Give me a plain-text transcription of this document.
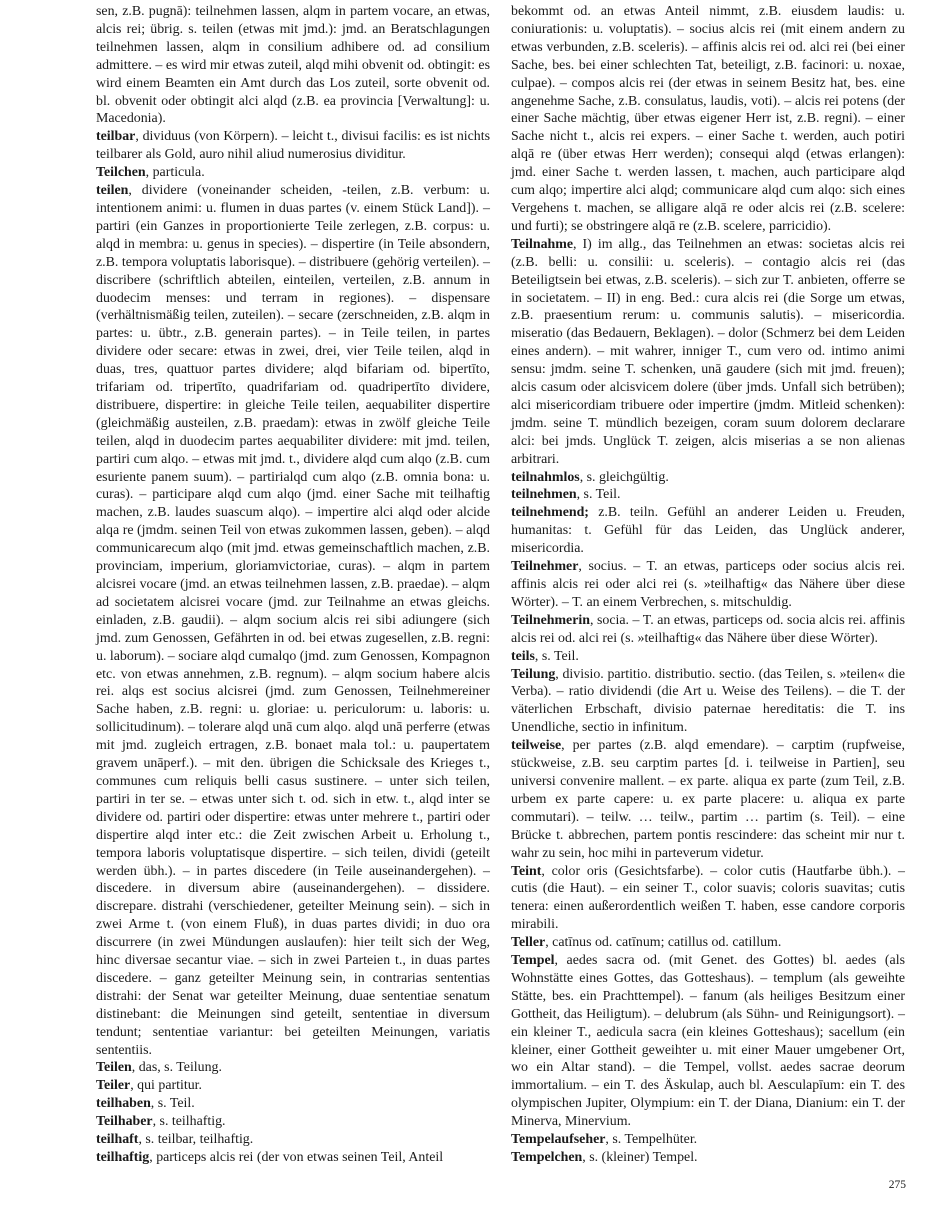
sen, z.B. pugnā): teilnehmen lassen, alqm in partem vocare, an etwas, alcis rei; übrig. s. teilen (etwas mit jmd.): jmd. an Beratschlagungen teilnehmen lassen, alqm in consilium adhibere od. ad consilium admittere. – es wird mir etwas zuteil, alqd mihi obvenit od. obtingit: es wird einem Beamten ein Amt durch das Los zuteil, sorte obvenit od. bl. obvenit oder obtingit alci alqd (z.B. ea provincia [Verwaltung]: u. Macedonia).

teilbar, dividuus (von Körpern). – leicht t., divisui facilis: es ist nichts teilbarer als Gold, auro nihil aliud numerosius dividitur.

Teilchen, particula.

teilen, dividere (voneinander scheiden, -teilen, z.B. verbum: u. intentionem animi: u. flumen in duas partes (v. einem Stück Land]). – partiri (ein Ganzes in proportionierte Teile zerlegen, z.B. corpus: u. alqd in membra: u. genus in species). – dispertire (in Teile absondern, z.B. tempora voluptatis laborisque). – distribuere (gehörig verteilen). – discribere (schriftlich abteilen, einteilen, verteilen, z.B. annum in duodecim menses: und terram in regiones). – dispensare (verhältnismäßig teilen, zuteilen). – secare (zerschneiden, z.B. alqm in partes: u. übtr., z.B. generain partes). – in Teile teilen, in partes dividere oder secare: etwas in zwei, drei, vier Teile teilen, alqd in duas, tres, quattuor partes dividere; alqd bifariam od. bipertīto, trifariam od. tripertīto, quadrifariam od. quadripertīto dividere, distribuere, dispertire: in gleiche Teile teilen, aequabiliter dispertire (gleichmäßig austeilen, z.B. praedam): etwas in zwölf gleiche Teile teilen, alqd in duodecim partes aequabiliter dividere: mit jmd. teilen, partiri cum alqo. – etwas mit jmd. t., dividere alqd cum alqo (z.B. cum esuriente panem suum). – partirialqd cum alqo (z.B. omnia bona: u. curas). – participare alqd cum alqo (jmd. einer Sache mit teilhaftig machen, z.B. laudes suascum alqo). – impertire alci alqd oder alcide alqa re (jmdm. seinen Teil von etwas zukommen lassen, geben). – alqd communicarecum alqo (mit jmd. etwas gemeinschaftlich machen, z.B. provinciam, imperium, gloriamvictoriae, curas). – alqm in partem alcisrei vocare (jmd. an etwas teilnehmen lassen, z.B. praedae). – alqm ad societatem alcisrei vocare (jmd. zur Teilnahme an etwas gleichs. einladen, z.B. gaudii). – alqm socium alcis rei sibi adiungere (sich jmd. zum Genossen, Gefährten in od. bei etwas zugesellen, z.B. regni: u. laborum). – sociare alqd cumalqo (jmd. zum Genossen, Kompagnon etc. von etwas annehmen, z.B. regnum). – alqm socium habere alcis rei. alqs est socius alcisrei (jmd. zum Genossen, Teilnehmereiner Sache haben, z.B. regni: u. gloriae: u. periculorum: u. laboris: u. sollicitudinum). – tolerare alqd unā cum alqo. alqd unā perferre (etwas mit jmd. zugleich ertragen, z.B. bonaet mala tol.: u. paupertatem gravem unāperf.). – mit den. übrigen die Schicksale des Krieges t., communes cum reliquis belli casus sustinere. – unter sich teilen, partiri in ter se. – etwas unter sich t. od. sich in etw. t., alqd inter se dividere od. partiri oder dispertire: etwas unter mehrere t., partiri oder dispertire alqd inter etc.: die Zeit zwischen Arbeit u. Erholung t., tempora laboris voluptatisque dispertire. – sich teilen, dividi (geteilt werden übh.). – in partes discedere (in Teile auseinandergehen). – discedere. in diversum abire (auseinandergehen). – dissidere. discrepare. distrahi (verschiedener, geteilter Meinung sein). – sich in zwei Arme t. (von einem Fluß), in duas partes dividi; in duo ora discurrere (in zwei Mündungen auslaufen): hier teilt sich der Weg, hinc diversae secantur viae. – sich in zwei Parteien t., in duas partes discedere. – ganz geteilter Meinung sein, in contrarias sententias distrahi: der Senat war geteilter Meinung, duae sententiae senatum distinebant: die Meinungen sind geteilt, sententiae in diversum tendunt; sententiae variantur: bei geteilten Meinungen, variatis sententiis.

Teilen, das, s. Teilung.

Teiler, qui partitur.

teilhaben, s. Teil.

Teilhaber, s. teilhaftig.

teilhaft, s. teilbar, teilhaftig.

teilhaftig, particeps alcis rei (der von etwas seinen Teil, Anteil

bekommt od. an etwas Anteil nimmt, z.B. eiusdem laudis: u. coniurationis: u. voluptatis). – socius alcis rei (mit einem andern zu etwas verbunden, z.B. sceleris). – affinis alcis rei od. alci rei (bei einer Sache, bes. bei einer schlechten Tat, beteiligt, z.B. facinori: u. noxae, culpae). – compos alcis rei (der etwas in seinem Besitz hat, bes. eine angenehme Sache, z.B. consulatus, laudis, voti). – alcis rei potens (der einer Sache mächtig, über etwas eigener Herr ist, z.B. regni). – einer Sache nicht t., alcis rei expers. – einer Sache t. werden, auch potiri alqā re (über etwas Herr werden); consequi alqd (etwas erlangen): jmd. einer Sache t. werden lassen, t. machen, auch participare alqd cum alqo; impertire alci alqd; communicare alqd cum alqo: sich eines Vergehens t. machen, se alligare alqā re oder alcis rei (z.B. scelere: und furti); se obstringere alqā re (z.B. scelere, parricidio).

Teilnahme, I) im allg., das Teilnehmen an etwas: societas alcis rei (z.B. belli: u. consilii: u. sceleris). – contagio alcis rei (das Beteiligtsein bei etwas, z.B. sceleris). – sich zur T. anbieten, offerre se in societatem. – II) in eng. Bed.: cura alcis rei (die Sorge um etwas, z.B. praesentium rerum: u. communis salutis). – misericordia. miseratio (das Bedauern, Beklagen). – dolor (Schmerz bei dem Leiden eines andern). – mit wahrer, inniger T., cum vero od. intimo animi sensu: jmdm. seine T. schenken, unā gaudere (sich mit jmd. freuen); alcis casum oder alcisvicem dolere (über jmds. Unfall sich betrüben); alci misericordiam tribuere oder impertire (jmdm. Mitleid schenken): jmdm. seine T. mündlich bezeigen, coram suum dolorem declarare alci: bei jmds. Unglück T. zeigen, alcis miserias a se non alienas arbitrari.

teilnahmlos, s. gleichgültig.

teilnehmen, s. Teil.

teilnehmend; z.B. teiln. Gefühl an anderer Leiden u. Freuden, humanitas: t. Gefühl für das Leiden, das Unglück anderer, misericordia.

Teilnehmer, socius. – T. an etwas, particeps oder socius alcis rei. affinis alcis rei oder alci rei (s. »teilhaftig« das Nähere über diese Wörter). – T. an einem Verbrechen, s. mitschuldig.

Teilnehmerin, socia. – T. an etwas, particeps od. socia alcis rei. affinis alcis rei od. alci rei (s. »teilhaftig« das Nähere über diese Wörter).

teils, s. Teil.

Teilung, divisio. partitio. distributio. sectio. (das Teilen, s. »teilen« die Verba). – ratio dividendi (die Art u. Weise des Teilens). – die T. der väterlichen Erbschaft, divisio paternae hereditatis: die T. ins Unendliche, sectio in infinitum.

teilweise, per partes (z.B. alqd emendare). – carptim (rupfweise, stückweise, z.B. seu carptim partes [d. i. teilweise in Partien], seu universi convenire mallent. – ex parte. aliqua ex parte (zum Teil, z.B. urbem ex parte capere: u. ex parte placere: u. aliqua ex parte commutari). – teilw. … teilw., partim … partim (s. Teil). – eine Brücke t. abbrechen, partem pontis rescindere: das scheint mir nur t. wahr zu sein, hoc mihi in parteverum videtur.

Teint, color oris (Gesichtsfarbe). – color cutis (Hautfarbe übh.). – cutis (die Haut). – ein seiner T., color suavis; coloris suavitas; cutis tenera: einen außerordentlich weißen T. haben, esse candore corporis mirabili.

Teller, catīnus od. catīnum; catillus od. catillum.

Tempel, aedes sacra od. (mit Genet. des Gottes) bl. aedes (als Wohnstätte eines Gottes, das Gotteshaus). – templum (als geweihte Stätte, bes. ein Prachttempel). – fanum (als heiliges Besitzum einer Gottheit, das Heiligtum). – delubrum (als Sühn- und Reinigungsort). – ein kleiner T., aedicula sacra (ein kleines Gotteshaus); sacellum (ein kleiner, einer Gottheit geweihter u. mit einer Mauer umgebener Ort, wo ein Altar stand). – die Tempel, vollst. aedes sacrae deorum immortalium. – ein T. des Äskulap, auch bl. Aesculapīum: ein T. des olympischen Jupiter, Olympium: ein T. der Diana, Dianium: ein T. der Minerva, Minervium.

Tempelaufseher, s. Tempelhüter.

Tempelchen, s. (kleiner) Tempel.

275
